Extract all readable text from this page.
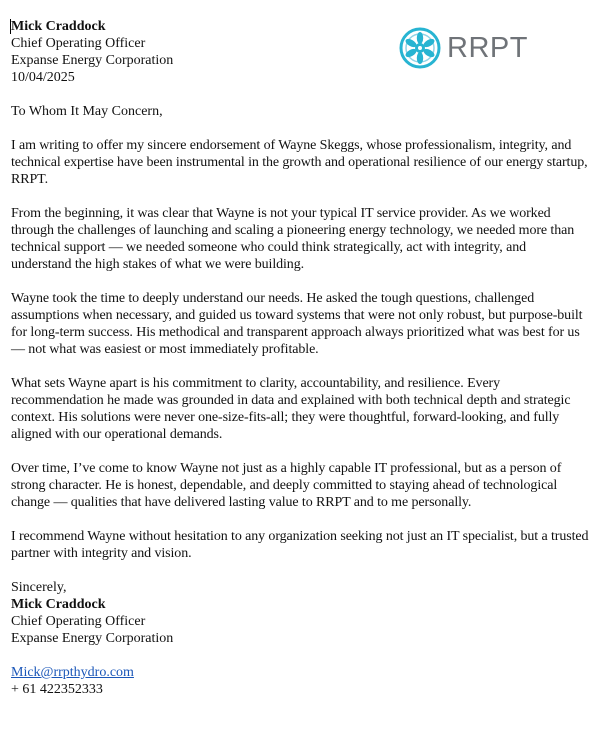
RRPT
Mick Craddock
Chief Operating Officer
Expanse Energy Corporation
10/04/2025
To Whom It May Concern,

I am writing to offer my sincere endorsement of Wayne Skeggs, whose professionalism, integrity, and technical expertise have been instrumental in the growth and operational resilience of our energy startup, RRPT.

From the beginning, it was clear that Wayne is not your typical IT service provider. As we worked through the challenges of launching and scaling a pioneering energy technology, we needed more than technical support — we needed someone who could think strategically, act with integrity, and understand the high stakes of what we were building.

Wayne took the time to deeply understand our needs. He asked the tough questions, challenged assumptions when necessary, and guided us toward systems that were not only robust, but purpose-built for long-term success. His methodical and transparent approach always prioritized what was best for us — not what was easiest or most immediately profitable.

What sets Wayne apart is his commitment to clarity, accountability, and resilience. Every recommendation he made was grounded in data and explained with both technical depth and strategic context. His solutions were never one-size-fits-all; they were thoughtful, forward-looking, and fully aligned with our operational demands.

Over time, I’ve come to know Wayne not just as a highly capable IT professional, but as a person of strong character. He is honest, dependable, and deeply committed to staying ahead of technological change — qualities that have delivered lasting value to RRPT and to me personally.

I recommend Wayne without hesitation to any organization seeking not just an IT specialist, but a trusted partner with integrity and vision.

Sincerely,
Mick Craddock
Chief Operating Officer
Expanse Energy Corporation
Mick@rrpthydro.com
+ 61 422352333
